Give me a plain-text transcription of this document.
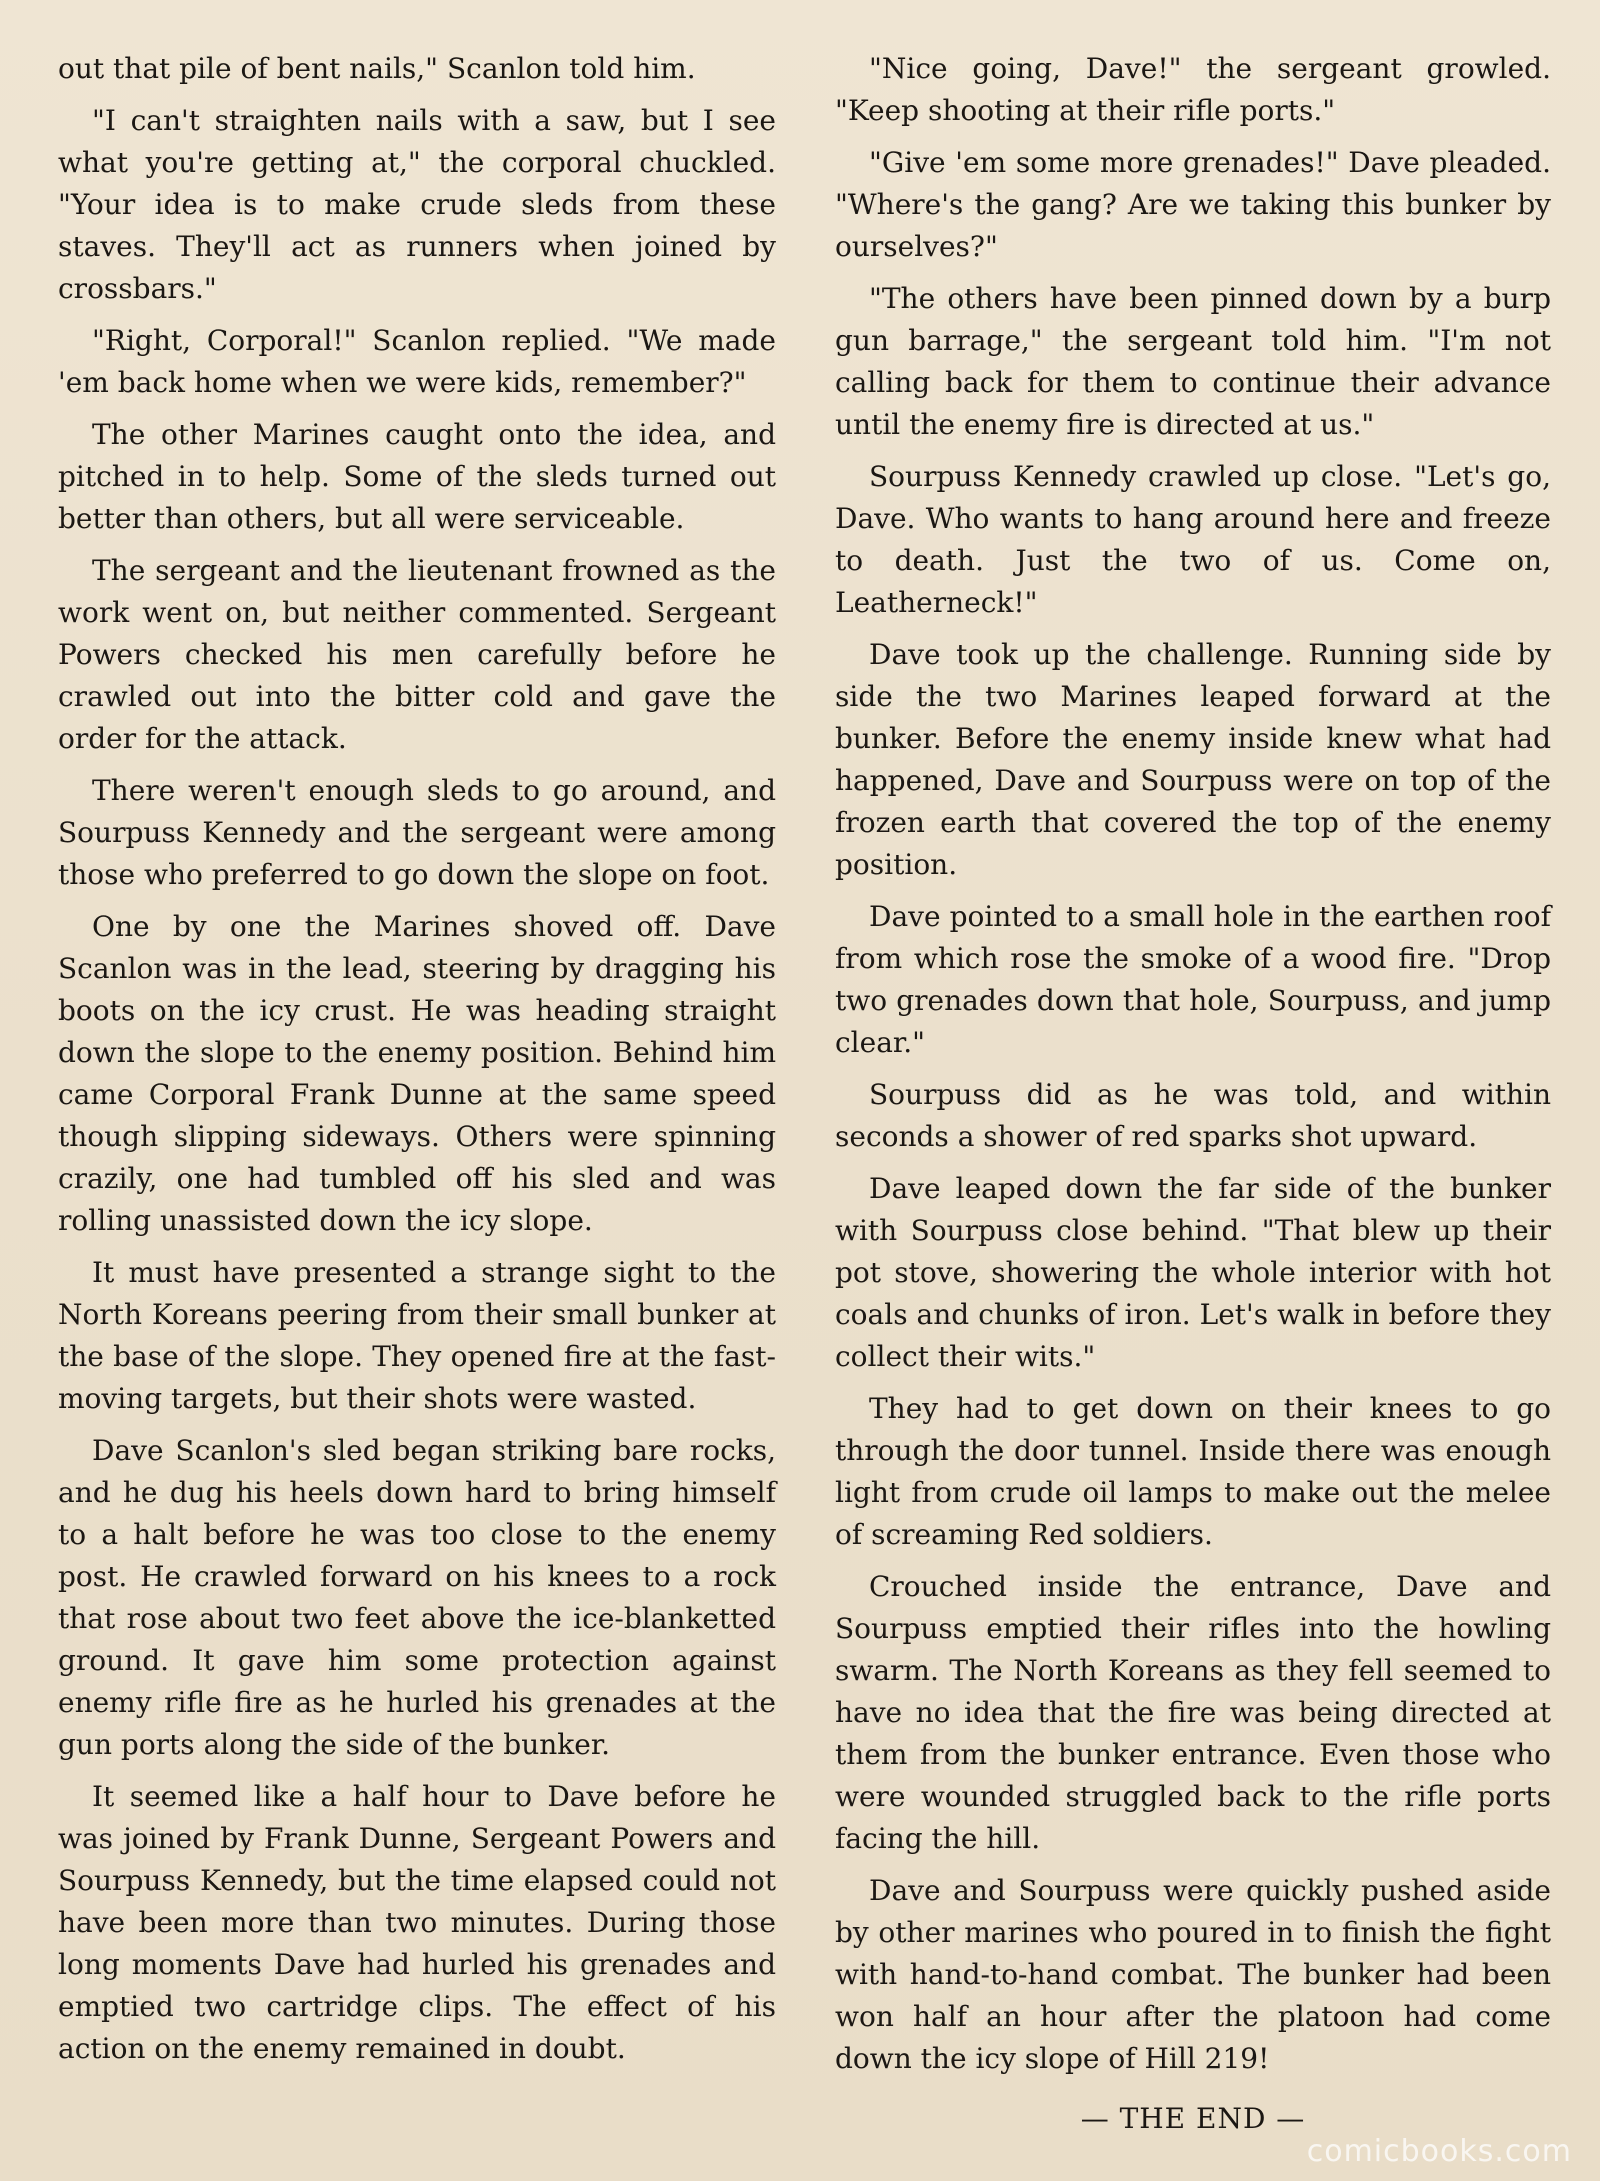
out that pile of bent nails," Scanlon told him.

"I can't straighten nails with a saw, but I see what you're getting at," the corporal chuckled. "Your idea is to make crude sleds from these staves. They'll act as runners when joined by crossbars."

"Right, Corporal!" Scanlon replied. "We made 'em back home when we were kids, remember?"

The other Marines caught onto the idea, and pitched in to help. Some of the sleds turned out better than others, but all were serviceable.

The sergeant and the lieutenant frowned as the work went on, but neither commented. Sergeant Powers checked his men carefully before he crawled out into the bitter cold and gave the order for the attack.

There weren't enough sleds to go around, and Sourpuss Kennedy and the sergeant were among those who preferred to go down the slope on foot.

One by one the Marines shoved off. Dave Scanlon was in the lead, steering by dragging his boots on the icy crust. He was heading straight down the slope to the enemy position. Behind him came Corporal Frank Dunne at the same speed though slipping sideways. Others were spinning crazily, one had tumbled off his sled and was rolling unassisted down the icy slope.

It must have presented a strange sight to the North Koreans peering from their small bunker at the base of the slope. They opened fire at the fast-moving targets, but their shots were wasted.

Dave Scanlon's sled began striking bare rocks, and he dug his heels down hard to bring himself to a halt before he was too close to the enemy post. He crawled forward on his knees to a rock that rose about two feet above the ice-blanketted ground. It gave him some protection against enemy rifle fire as he hurled his grenades at the gun ports along the side of the bunker.

It seemed like a half hour to Dave before he was joined by Frank Dunne, Sergeant Powers and Sourpuss Kennedy, but the time elapsed could not have been more than two minutes. During those long moments Dave had hurled his grenades and emptied two cartridge clips. The effect of his action on the enemy remained in doubt.

"Nice going, Dave!" the sergeant growled. "Keep shooting at their rifle ports."

"Give 'em some more grenades!" Dave pleaded. "Where's the gang? Are we taking this bunker by ourselves?"

"The others have been pinned down by a burp gun barrage," the sergeant told him. "I'm not calling back for them to continue their advance until the enemy fire is directed at us."

Sourpuss Kennedy crawled up close. "Let's go, Dave. Who wants to hang around here and freeze to death. Just the two of us. Come on, Leatherneck!"

Dave took up the challenge. Running side by side the two Marines leaped forward at the bunker. Before the enemy inside knew what had happened, Dave and Sourpuss were on top of the frozen earth that covered the top of the enemy position.

Dave pointed to a small hole in the earthen roof from which rose the smoke of a wood fire. "Drop two grenades down that hole, Sourpuss, and jump clear."

Sourpuss did as he was told, and within seconds a shower of red sparks shot upward.

Dave leaped down the far side of the bunker with Sourpuss close behind. "That blew up their pot stove, showering the whole interior with hot coals and chunks of iron. Let's walk in before they collect their wits."

They had to get down on their knees to go through the door tunnel. Inside there was enough light from crude oil lamps to make out the melee of screaming Red soldiers.

Crouched inside the entrance, Dave and Sourpuss emptied their rifles into the howling swarm. The North Koreans as they fell seemed to have no idea that the fire was being directed at them from the bunker entrance. Even those who were wounded struggled back to the rifle ports facing the hill.

Dave and Sourpuss were quickly pushed aside by other marines who poured in to finish the fight with hand-to-hand combat. The bunker had been won half an hour after the platoon had come down the icy slope of Hill 219!

— THE END —

comicbooks.com
